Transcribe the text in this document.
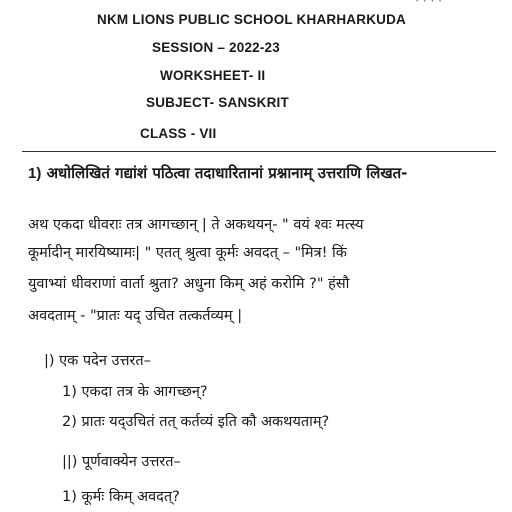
· · · ·
NKM LIONS PUBLIC SCHOOL KHARHARKUDA
SESSION – 2022-23
WORKSHEET- II
SUBJECT- SANSKRIT
CLASS - VII
1) अधोलिखितं गद्यांशं पठित्वा तदाधारितानां प्रश्नानाम् उत्तराणि लिखत-
अथ एकदा धीवराः तत्र आगच्छान् | ते अकथयन्- " वयं श्वः मत्स्य
कूर्मादीन् मारयिष्यामः| " एतत् श्रुत्वा कूर्मः अवदत् – "मित्र! किं
युवाभ्यां धीवराणां वार्ता श्रुता? अधुना किम् अहं करोमि ?" हंसौ
अवदताम् - "प्रातः यद् उचित तत्कर्तव्यम् |
|) एक पदेन उत्तरत–
1) एकदा तत्र के आगच्छन्?
2) प्रातः यद्उचितं तत् कर्तव्यं इति कौ अकथयताम्?
||) पूर्णवाक्येन उत्तरत–
1) कूर्मः किम् अवदत्?
